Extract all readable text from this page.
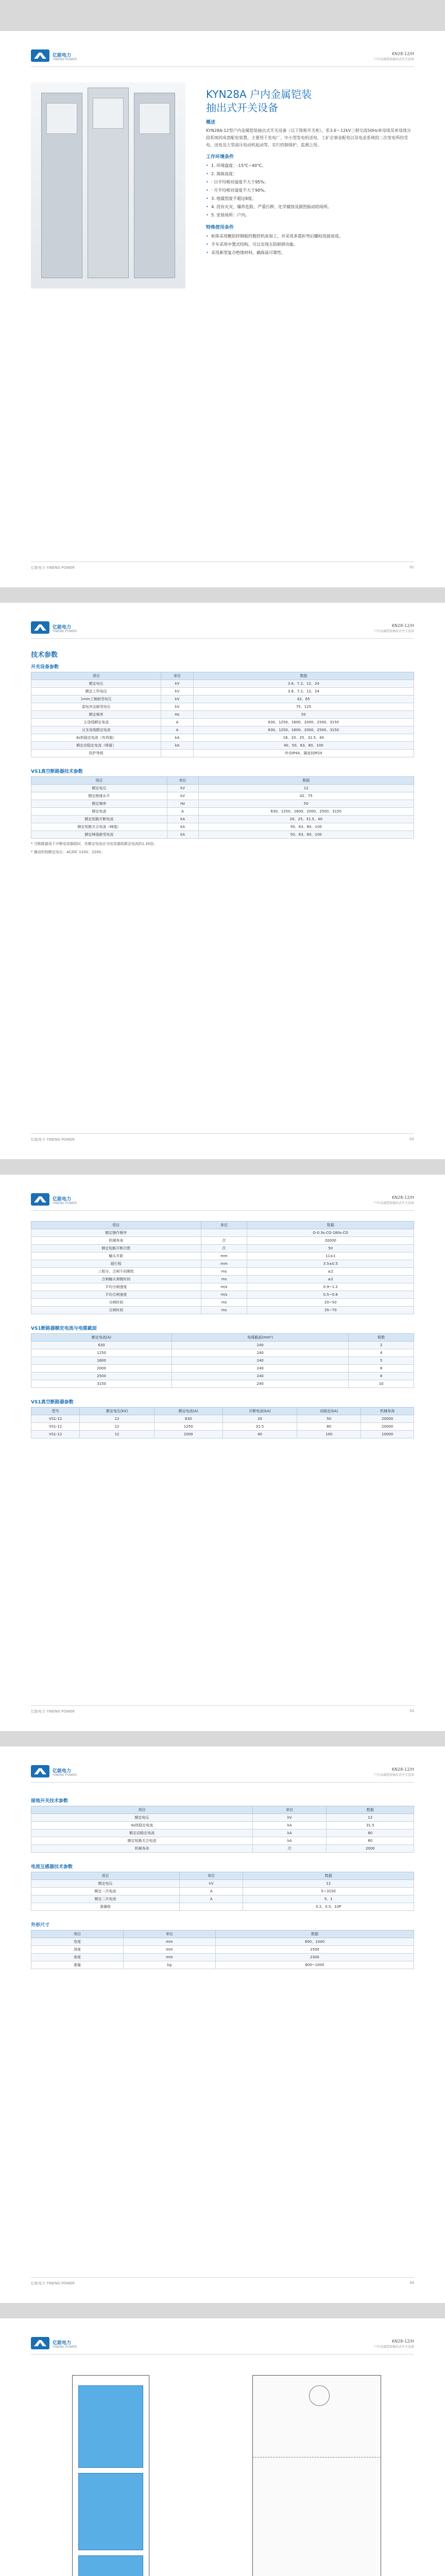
亿能电力
YINENG POWER
KN28-12/H
户内金属铠装抽出式开关设备
KYN28A 户内金属铠装
抽出式开关设备
概述
KYN28A-12型户内金属铠装抽出式开关设备（以下简称开关柜），系3.6～12kV三相交流50Hz单母线及单母线分段系统的成套配电装置。主要用于发电厂、中小型发电机送电、工矿企事业配电以及电业系统的二次变电所的受电、送电及大型高压电动机起动等，实行控制保护、监测之用。
工作环境条件
• 1. 环境温度：-15℃~40℃。
• 2. 海拔高度：
• · 日平均相对湿度不大于95%；
• · 月平均相对湿度不大于90%。
• 3. 地震烈度不超过8度。
• 4. 没有火灾、爆炸危险、严重污秽、化学腐蚀及剧烈振动的场所。
• 5. 安装场所：户内。
特殊使用条件
• 柜体采用敷铝锌钢板经数控机床加工，并采用多重折弯后螺栓连接而成。
• 手车采用中置式结构，可以实现五防联锁功能。
• 采用新型复合绝缘材料，确保高可靠性。
亿能电力 YINENG POWER	01
亿能电力
YINENG POWER
KN28-12/H
户内金属铠装抽出式开关设备
技术参数
开关设备参数
项目	单位	数据
额定电压	kV	3.6、7.2、12、24
额定工作电压	kV	3.6、7.2、12、24
1min工频耐受电压	kV	42、65
雷电冲击耐受电压	kV	75、125
额定频率	Hz	50
主母线额定电流	A	630、1250、1600、2000、2500、3150
分支母线额定电流	A	630、1250、1600、2000、2500、3150
4s热稳定电流（有效值）	kA	16、20、25、31.5、40
额定动稳定电流（峰值）	kA	40、50、63、80、100
防护等级		外壳IP4X、隔室间IP2X
VS1真空断路器技术参数
项目	单位	数据
额定电压	kV	12
额定绝缘水平	kV	42、75
额定频率	Hz	50
额定电流	A	630、1250、1600、2000、2500、3150
额定短路开断电流	kA	20、25、31.5、40
额定短路关合电流（峰值）	kA	50、63、80、100
额定峰值耐受电流	kA	50、63、80、100
* 当断路器用于开断电容器组时，其额定电流应为电容器组额定电流的1.35倍。
* 操动机构额定电压：AC/DC 110V、220V。
亿能电力 YINENG POWER	02
亿能电力
YINENG POWER
KN28-12/H
户内金属铠装抽出式开关设备
项目	单位	数据
额定操作顺序		O-0.3s-CO-180s-CO
机械寿命	次	20000
额定短路开断次数	次	50
触头开距	mm	11±1
超行程	mm	3.5±0.5
三相分、合闸不同期性	ms	≤2
合闸触头弹跳时间	ms	≤2
平均分闸速度	m/s	0.9~1.2
平均合闸速度	m/s	0.5~0.8
分闸时间	ms	20~50
合闸时间	ms	35~70
VS1断路器额定电流与电缆截面
额定电流(A)	电缆截面(mm²)	根数
630	240	2
1250	240	4
1600	240	5
2000	240	6
2500	240	8
3150	240	10
VS1真空断路器参数
型号	额定电压(kV)	额定电流(A)	开断电流(kA)	动稳定(kA)	机械寿命
VS1-12	12	630	20	50	20000
VS1-12	12	1250	31.5	80	20000
VS1-12	12	2000	40	100	10000
亿能电力 YINENG POWER	03
亿能电力
YINENG POWER
KN28-12/H
户内金属铠装抽出式开关设备
接地开关技术参数
项目	单位	数据
额定电压	kV	12
4s热稳定电流	kA	31.5
额定动稳定电流	kA	80
额定短路关合电流	kA	80
机械寿命	次	2000
电流互感器技术参数
项目	单位	数据
额定电压	kV	12
额定一次电流	A	5~3150
额定二次电流	A	5、1
准确级		0.2、0.5、10P
外形尺寸
项目	单位	数据
宽度	mm	800、1000
深度	mm	1500
高度	mm	2300
重量	kg	800~1000
亿能电力 YINENG POWER	04
亿能电力
YINENG POWER
KN28-12/H
户内金属铠装抽出式开关设备
